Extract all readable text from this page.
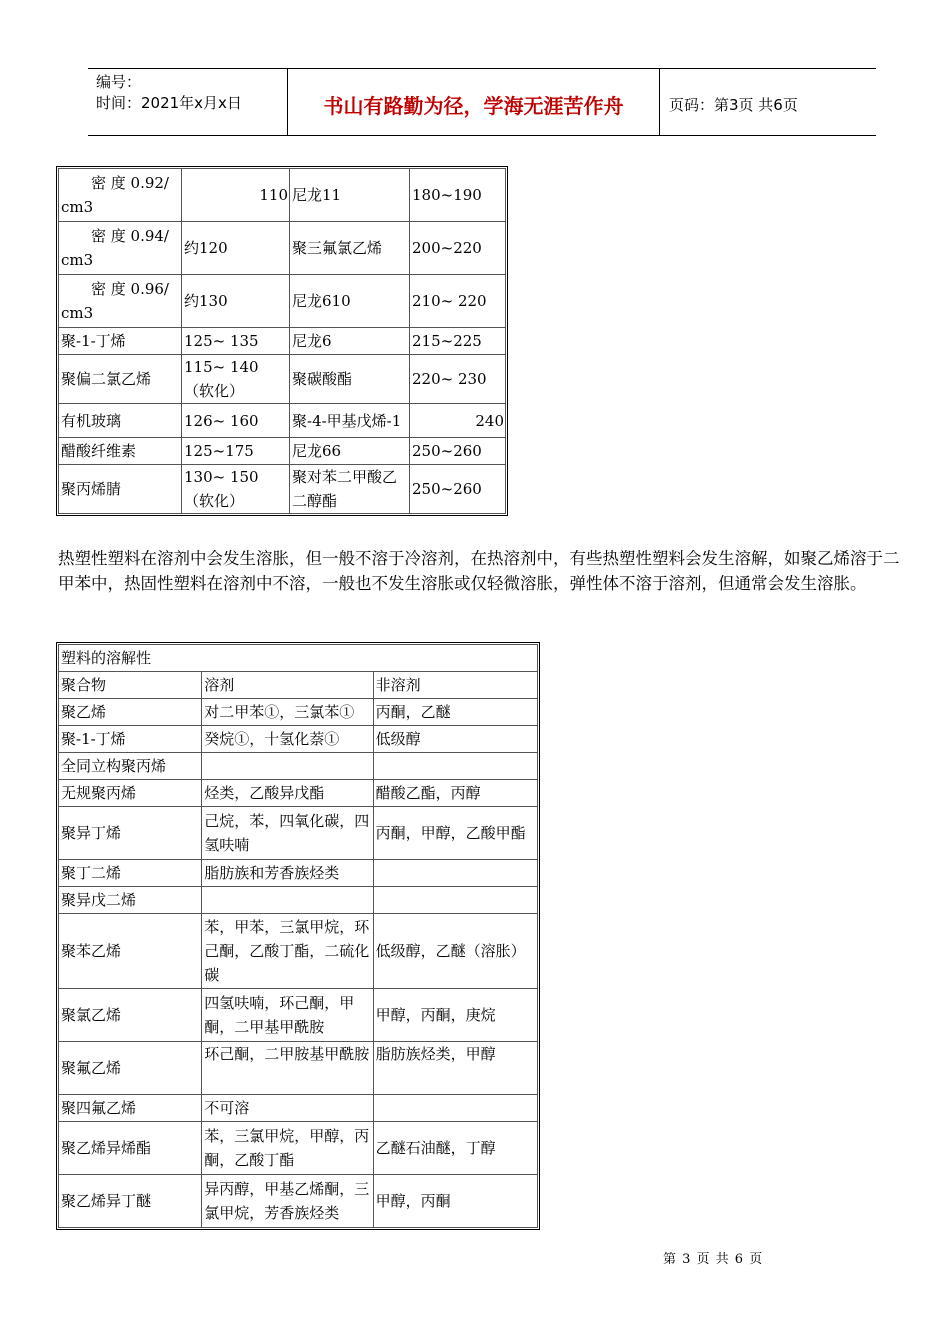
编号：
时间：2021年x月x日	书山有路勤为径，学海无涯苦作舟	页码：第3页 共6页
密 度 0.92/ cm3	110	尼龙11	180~190
密 度 0.94/ cm3	约120	聚三氟氯乙烯	200~220
密 度 0.96/ cm3	约130	尼龙610	210~ 220
聚-1-丁烯	125~ 135	尼龙6	215~225
聚偏二氯乙烯	115~ 140（软化）	聚碳酸酯	220~ 230
有机玻璃	126~ 160	聚-4-甲基戊烯-1	240
醋酸纤维素	125~175	尼龙66	250~260
聚丙烯腈	130~ 150（软化）	聚对苯二甲酸乙二醇酯	250~260

热塑性塑料在溶剂中会发生溶胀，但一般不溶于冷溶剂，在热溶剂中，有些热塑性塑料会发生溶解，如聚乙烯溶于二甲苯中，热固性塑料在溶剂中不溶，一般也不发生溶胀或仅轻微溶胀，弹性体不溶于溶剂，但通常会发生溶胀。

塑料的溶解性		
聚合物	溶剂	非溶剂
聚乙烯	对二甲苯①，三氯苯①	丙酮，乙醚
聚-1-丁烯	癸烷①，十氢化萘①	低级醇
全同立构聚丙烯		
无规聚丙烯	烃类，乙酸异戊酯	醋酸乙酯，丙醇
聚异丁烯	己烷，苯，四氧化碳，四氢呋喃	丙酮，甲醇，乙酸甲酯
聚丁二烯	脂肪族和芳香族烃类	
聚异戊二烯		
聚苯乙烯	苯，甲苯，三氯甲烷，环己酮，乙酸丁酯，二硫化碳	低级醇，乙醚（溶胀）
聚氯乙烯	四氢呋喃，环己酮，甲酮，二甲基甲酰胺	甲醇，丙酮，庚烷
聚氟乙烯	环己酮，二甲胺基甲酰胺	脂肪族烃类，甲醇
聚四氟乙烯	不可溶	
聚乙烯异烯酯	苯，三氯甲烷，甲醇，丙酮，乙酸丁酯	乙醚石油醚，丁醇
聚乙烯异丁醚	异丙醇，甲基乙烯酮，三氯甲烷，芳香族烃类	甲醇，丙酮
第 3 页 共 6 页
